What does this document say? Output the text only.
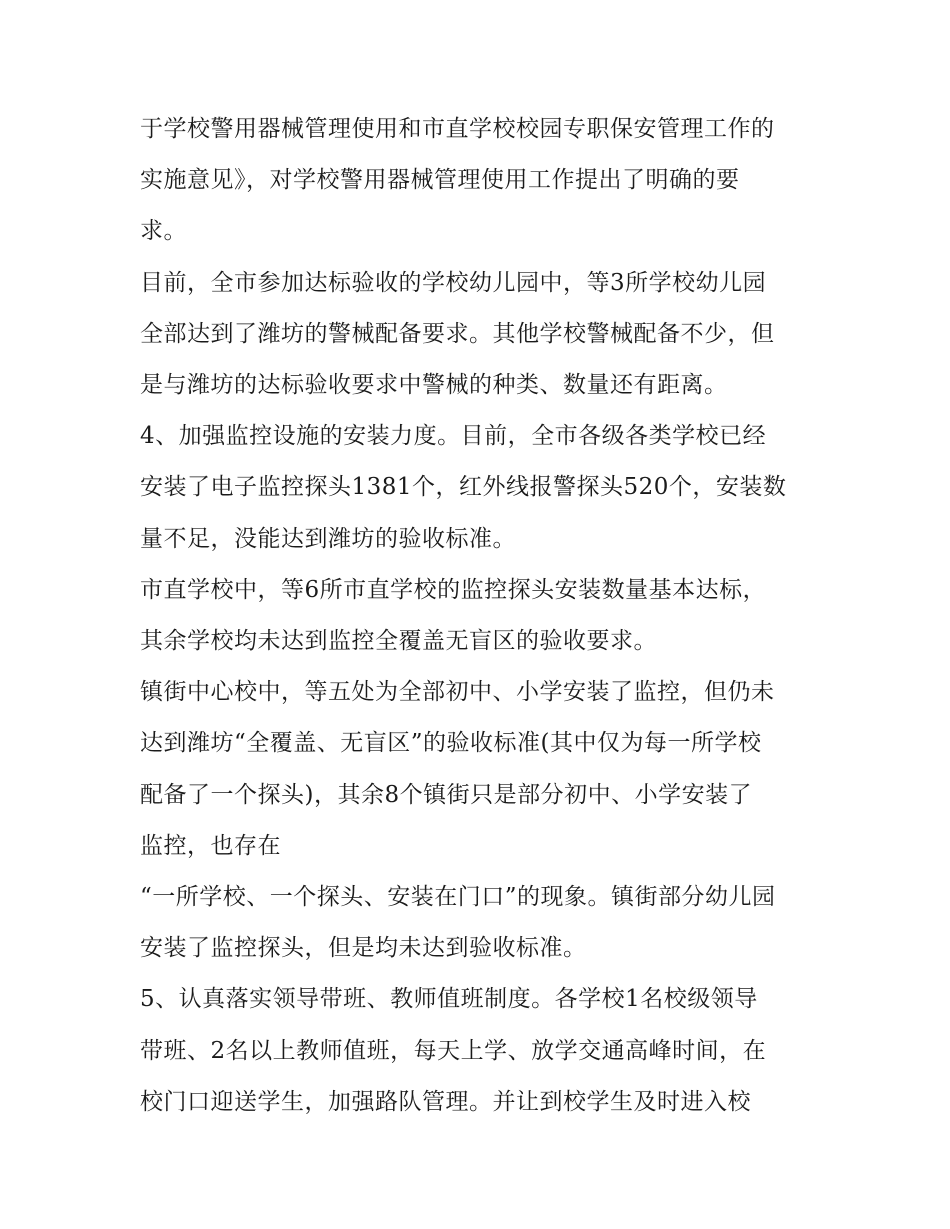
于学校警用器械管理使用和市直学校校园专职保安管理工作的
实施意见》，对学校警用器械管理使用工作提出了明确的要
求。
目前，全市参加达标验收的学校幼儿园中，等3所学校幼儿园
全部达到了潍坊的警械配备要求。其他学校警械配备不少，但
是与潍坊的达标验收要求中警械的种类、数量还有距离。
4、加强监控设施的安装力度。目前，全市各级各类学校已经
安装了电子监控探头1381个，红外线报警探头520个，安装数
量不足，没能达到潍坊的验收标准。
市直学校中，等6所市直学校的监控探头安装数量基本达标，
其余学校均未达到监控全覆盖无盲区的验收要求。
镇街中心校中，等五处为全部初中、小学安装了监控，但仍未
达到潍坊“全覆盖、无盲区”的验收标准(其中仅为每一所学校
配备了一个探头)，其余8个镇街只是部分初中、小学安装了
监控，也存在
“一所学校、一个探头、安装在门口”的现象。镇街部分幼儿园
安装了监控探头，但是均未达到验收标准。
5、认真落实领导带班、教师值班制度。各学校1名校级领导
带班、2名以上教师值班，每天上学、放学交通高峰时间，在
校门口迎送学生，加强路队管理。并让到校学生及时进入校
